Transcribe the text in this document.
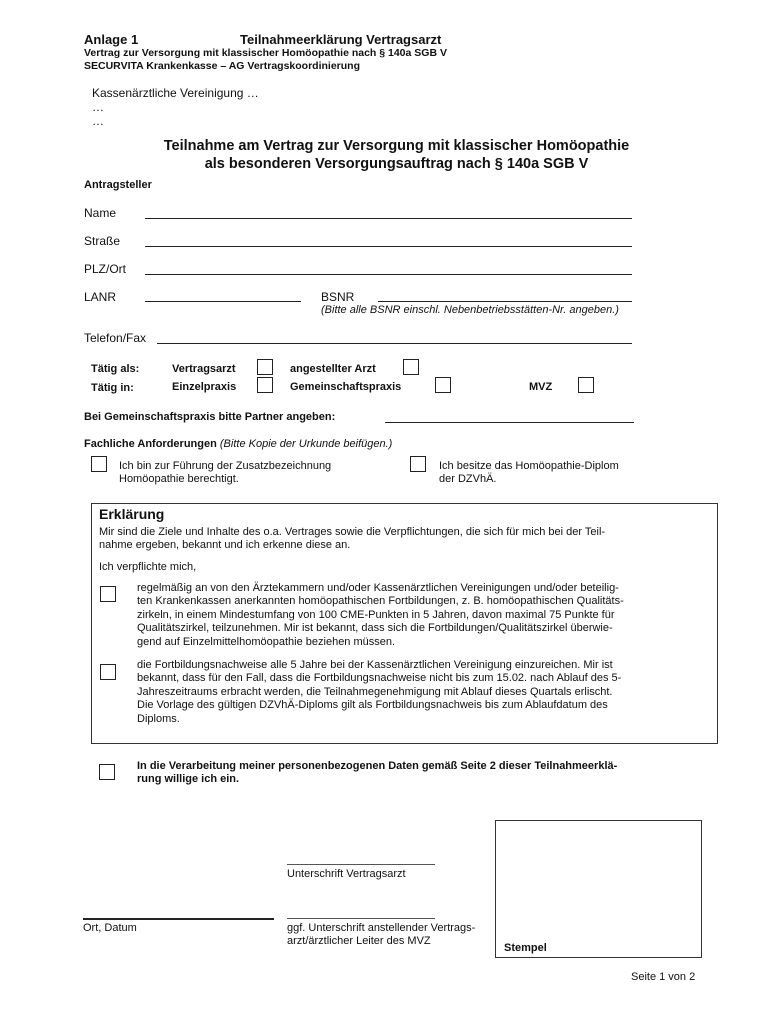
Anlage 1	Teilnahmeerklärung Vertragsarzt
Vertrag zur Versorgung mit klassischer Homöopathie nach § 140a SGB V
SECURVITA Krankenkasse – AG Vertragskoordinierung
Kassenärztliche Vereinigung …
…
…
Teilnahme am Vertrag zur Versorgung mit klassischer Homöopathie
als besonderen Versorgungsauftrag nach § 140a SGB V
Antragsteller
Name
Straße
PLZ/Ort
LANR	BSNR
(Bitte alle BSNR einschl. Nebenbetriebsstätten-Nr. angeben.)
Telefon/Fax
Tätig als:	Vertragsarzt	angestellter Arzt
Tätig in:	Einzelpraxis	Gemeinschaftspraxis	MVZ
Bei Gemeinschaftspraxis bitte Partner angeben:
Fachliche Anforderungen (Bitte Kopie der Urkunde beifügen.)
Ich bin zur Führung der Zusatzbezeichnung
Homöopathie berechtigt.
Ich besitze das Homöopathie-Diplom
der DZVhÄ.
Erklärung
Mir sind die Ziele und Inhalte des o.a. Vertrages sowie die Verpflichtungen, die sich für mich bei der Teil-
nahme ergeben, bekannt und ich erkenne diese an.
Ich verpflichte mich,
regelmäßig an von den Ärztekammern und/oder Kassenärztlichen Vereinigungen und/oder beteilig-
ten Krankenkassen anerkannten homöopathischen Fortbildungen, z. B. homöopathischen Qualitäts-
zirkeln, in einem Mindestumfang von 100 CME-Punkten in 5 Jahren, davon maximal 75 Punkte für
Qualitätszirkel, teilzunehmen. Mir ist bekannt, dass sich die Fortbildungen/Qualitätszirkel überwie-
gend auf Einzelmittelhomöopathie beziehen müssen.
die Fortbildungsnachweise alle 5 Jahre bei der Kassenärztlichen Vereinigung einzureichen. Mir ist
bekannt, dass für den Fall, dass die Fortbildungsnachweise nicht bis zum 15.02. nach Ablauf des 5-
Jahreszeitraums erbracht werden, die Teilnahmegenehmigung mit Ablauf dieses Quartals erlischt.
Die Vorlage des gültigen DZVhÄ-Diploms gilt als Fortbildungsnachweis bis zum Ablaufdatum des
Diploms.
In die Verarbeitung meiner personenbezogenen Daten gemäß Seite 2 dieser Teilnahmeerklä-
rung willige ich ein.
Unterschrift Vertragsarzt
Ort, Datum	ggf. Unterschrift anstellender Vertrags-
arzt/ärztlicher Leiter des MVZ
Stempel
Seite 1 von 2
